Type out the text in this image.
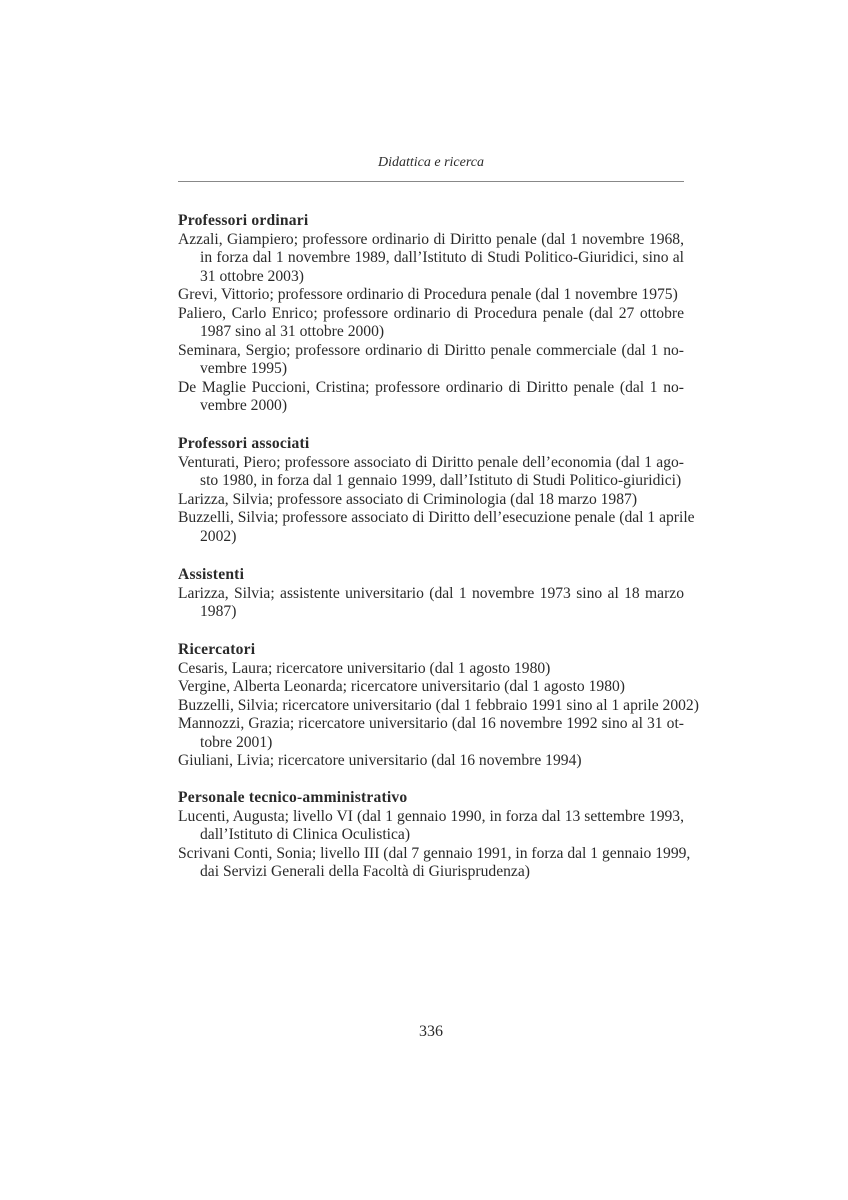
Didattica e ricerca
Professori ordinari
Azzali, Giampiero; professore ordinario di Diritto penale (dal 1 novembre 1968,
in forza dal 1 novembre 1989, dall’Istituto di Studi Politico-Giuridici, sino al
31 ottobre 2003)
Grevi, Vittorio; professore ordinario di Procedura penale (dal 1 novembre 1975)
Paliero, Carlo Enrico; professore ordinario di Procedura penale (dal 27 ottobre
1987 sino al 31 ottobre 2000)
Seminara, Sergio; professore ordinario di Diritto penale commerciale (dal 1 no-
vembre 1995)
De Maglie Puccioni, Cristina; professore ordinario di Diritto penale (dal 1 no-
vembre 2000)
Professori associati
Venturati, Piero; professore associato di Diritto penale dell’economia (dal 1 ago-
sto 1980, in forza dal 1 gennaio 1999, dall’Istituto di Studi Politico-giuridici)
Larizza, Silvia; professore associato di Criminologia (dal 18 marzo 1987)
Buzzelli, Silvia; professore associato di Diritto dell’esecuzione penale (dal 1 aprile
2002)
Assistenti
Larizza, Silvia; assistente universitario (dal 1 novembre 1973 sino al 18 marzo
1987)
Ricercatori
Cesaris, Laura; ricercatore universitario (dal 1 agosto 1980)
Vergine, Alberta Leonarda; ricercatore universitario (dal 1 agosto 1980)
Buzzelli, Silvia; ricercatore universitario (dal 1 febbraio 1991 sino al 1 aprile 2002)
Mannozzi, Grazia; ricercatore universitario (dal 16 novembre 1992 sino al 31 ot-
tobre 2001)
Giuliani, Livia; ricercatore universitario (dal 16 novembre 1994)
Personale tecnico-amministrativo
Lucenti, Augusta; livello VI (dal 1 gennaio 1990, in forza dal 13 settembre 1993,
dall’Istituto di Clinica Oculistica)
Scrivani Conti, Sonia; livello III (dal 7 gennaio 1991, in forza dal 1 gennaio 1999,
dai Servizi Generali della Facoltà di Giurisprudenza)
336
